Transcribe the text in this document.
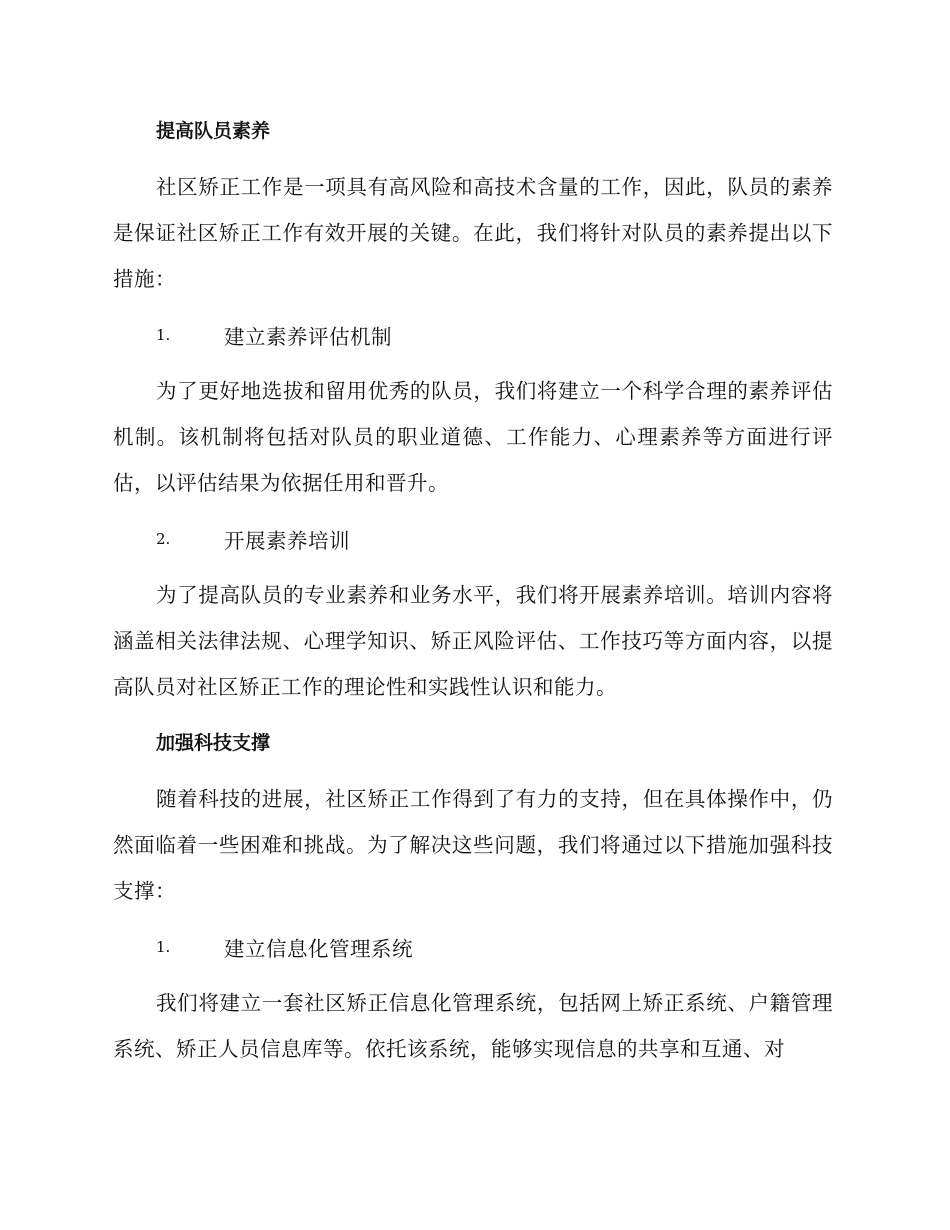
提高队员素养

社区矫正工作是一项具有高风险和高技术含量的工作，因此，队员的素养是保证社区矫正工作有效开展的关键。在此，我们将针对队员的素养提出以下措施：

1.	建立素养评估机制

为了更好地选拔和留用优秀的队员，我们将建立一个科学合理的素养评估机制。该机制将包括对队员的职业道德、工作能力、心理素养等方面进行评估，以评估结果为依据任用和晋升。

2.	开展素养培训

为了提高队员的专业素养和业务水平，我们将开展素养培训。培训内容将涵盖相关法律法规、心理学知识、矫正风险评估、工作技巧等方面内容，以提高队员对社区矫正工作的理论性和实践性认识和能力。

加强科技支撑

随着科技的进展，社区矫正工作得到了有力的支持，但在具体操作中，仍然面临着一些困难和挑战。为了解决这些问题，我们将通过以下措施加强科技支撑：

1.	建立信息化管理系统

我们将建立一套社区矫正信息化管理系统，包括网上矫正系统、户籍管理系统、矫正人员信息库等。依托该系统，能够实现信息的共享和互通、对
